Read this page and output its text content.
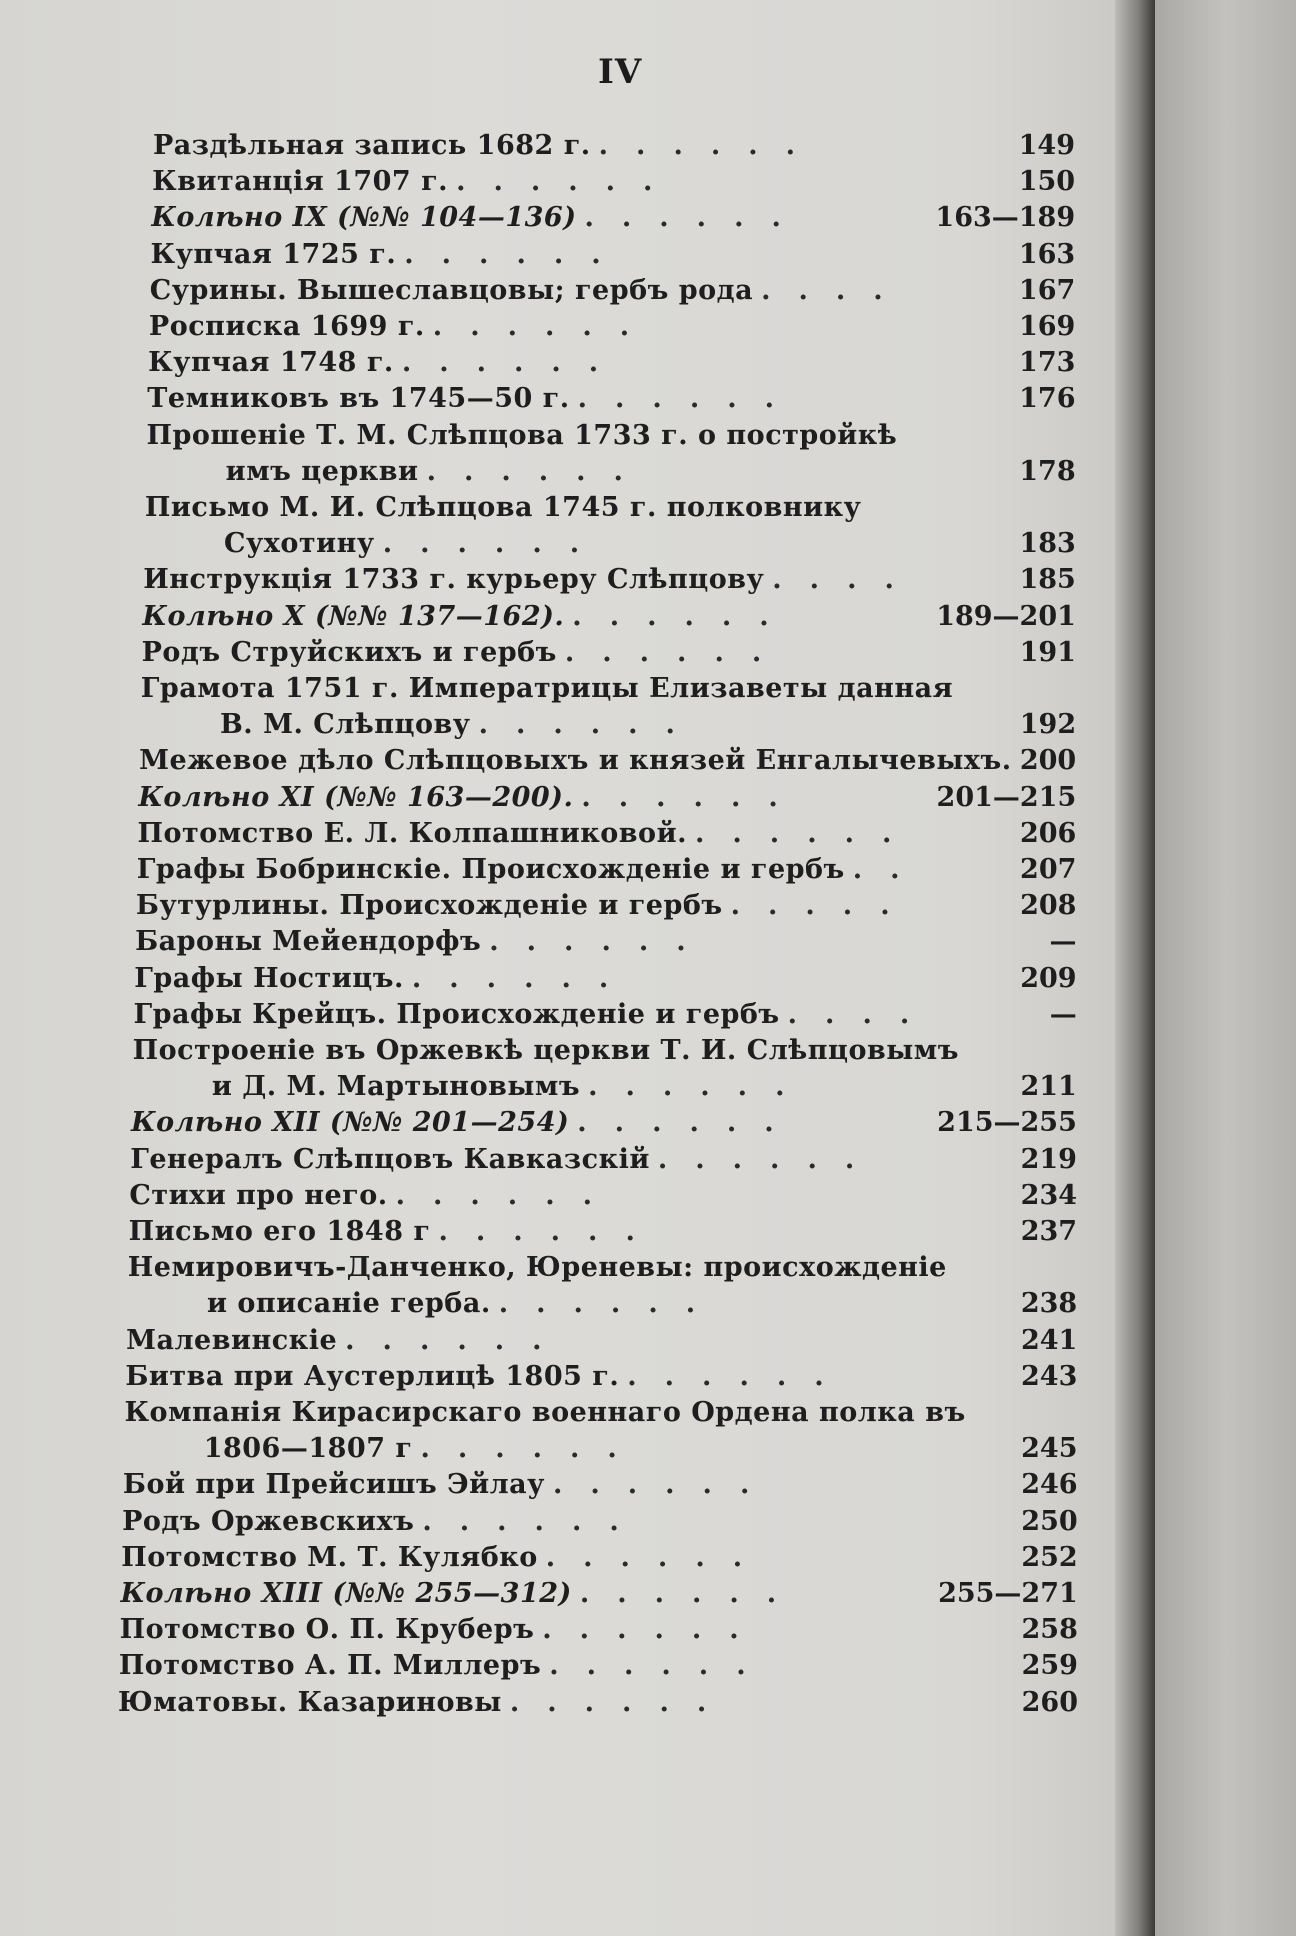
IV
Раздѣльная запись 1682 г. ......	149
Квитанція 1707 г. ......	150
Колѣно IX (№№ 104—136) ......	163—189
Купчая 1725 г. ......	163
Сурины. Вышеславцовы; гербъ рода ....	167
Росписка 1699 г. ......	169
Купчая 1748 г. ......	173
Темниковъ въ 1745—50 г. ......	176
Прошеніе Т. М. Слѣпцова 1733 г. о постройкѣ
имъ церкви ......	178
Письмо М. И. Слѣпцова 1745 г. полковнику
Сухотину ......	183
Инструкція 1733 г. курьеру Слѣпцову ....	185
Колѣно X (№№ 137—162). ......	189—201
Родъ Струйскихъ и гербъ ......	191
Грамота 1751 г. Императрицы Елизаветы данная
В. М. Слѣпцову ......	192
Межевое дѣло Слѣпцовыхъ и князей Енгалычевыхъ. 200
Колѣно XI (№№ 163—200). ......	201—215
Потомство Е. Л. Колпашниковой. ......	206
Графы Бобринскіе. Происхожденіе и гербъ ..	207
Бутурлины. Происхожденіе и гербъ .....	208
Бароны Мейендорфъ ......	—
Графы Ностицъ. ......	209
Графы Крейцъ. Происхожденіе и гербъ ....	—
Построеніе въ Оржевкѣ церкви Т. И. Слѣпцовымъ
и Д. М. Мартыновымъ ......	211
Колѣно XII (№№ 201—254) ......	215—255
Генералъ Слѣпцовъ Кавказскій ......	219
Стихи про него. ......	234
Письмо его 1848 г ......	237
Немировичъ-Данченко, Юреневы: происхожденіе
и описаніе герба. ......	238
Малевинскіе ......	241
Битва при Аустерлицѣ 1805 г. ......	243
Компанія Кирасирскаго военнаго Ордена полка въ
1806—1807 г ......	245
Бой при Прейсишъ Эйлау ......	246
Родъ Оржевскихъ ......	250
Потомство М. Т. Кулябко ......	252
Колѣно XIII (№№ 255—312) ......	255—271
Потомство О. П. Круберъ ......	258
Потомство А. П. Миллеръ ......	259
Юматовы. Казариновы ......	260
